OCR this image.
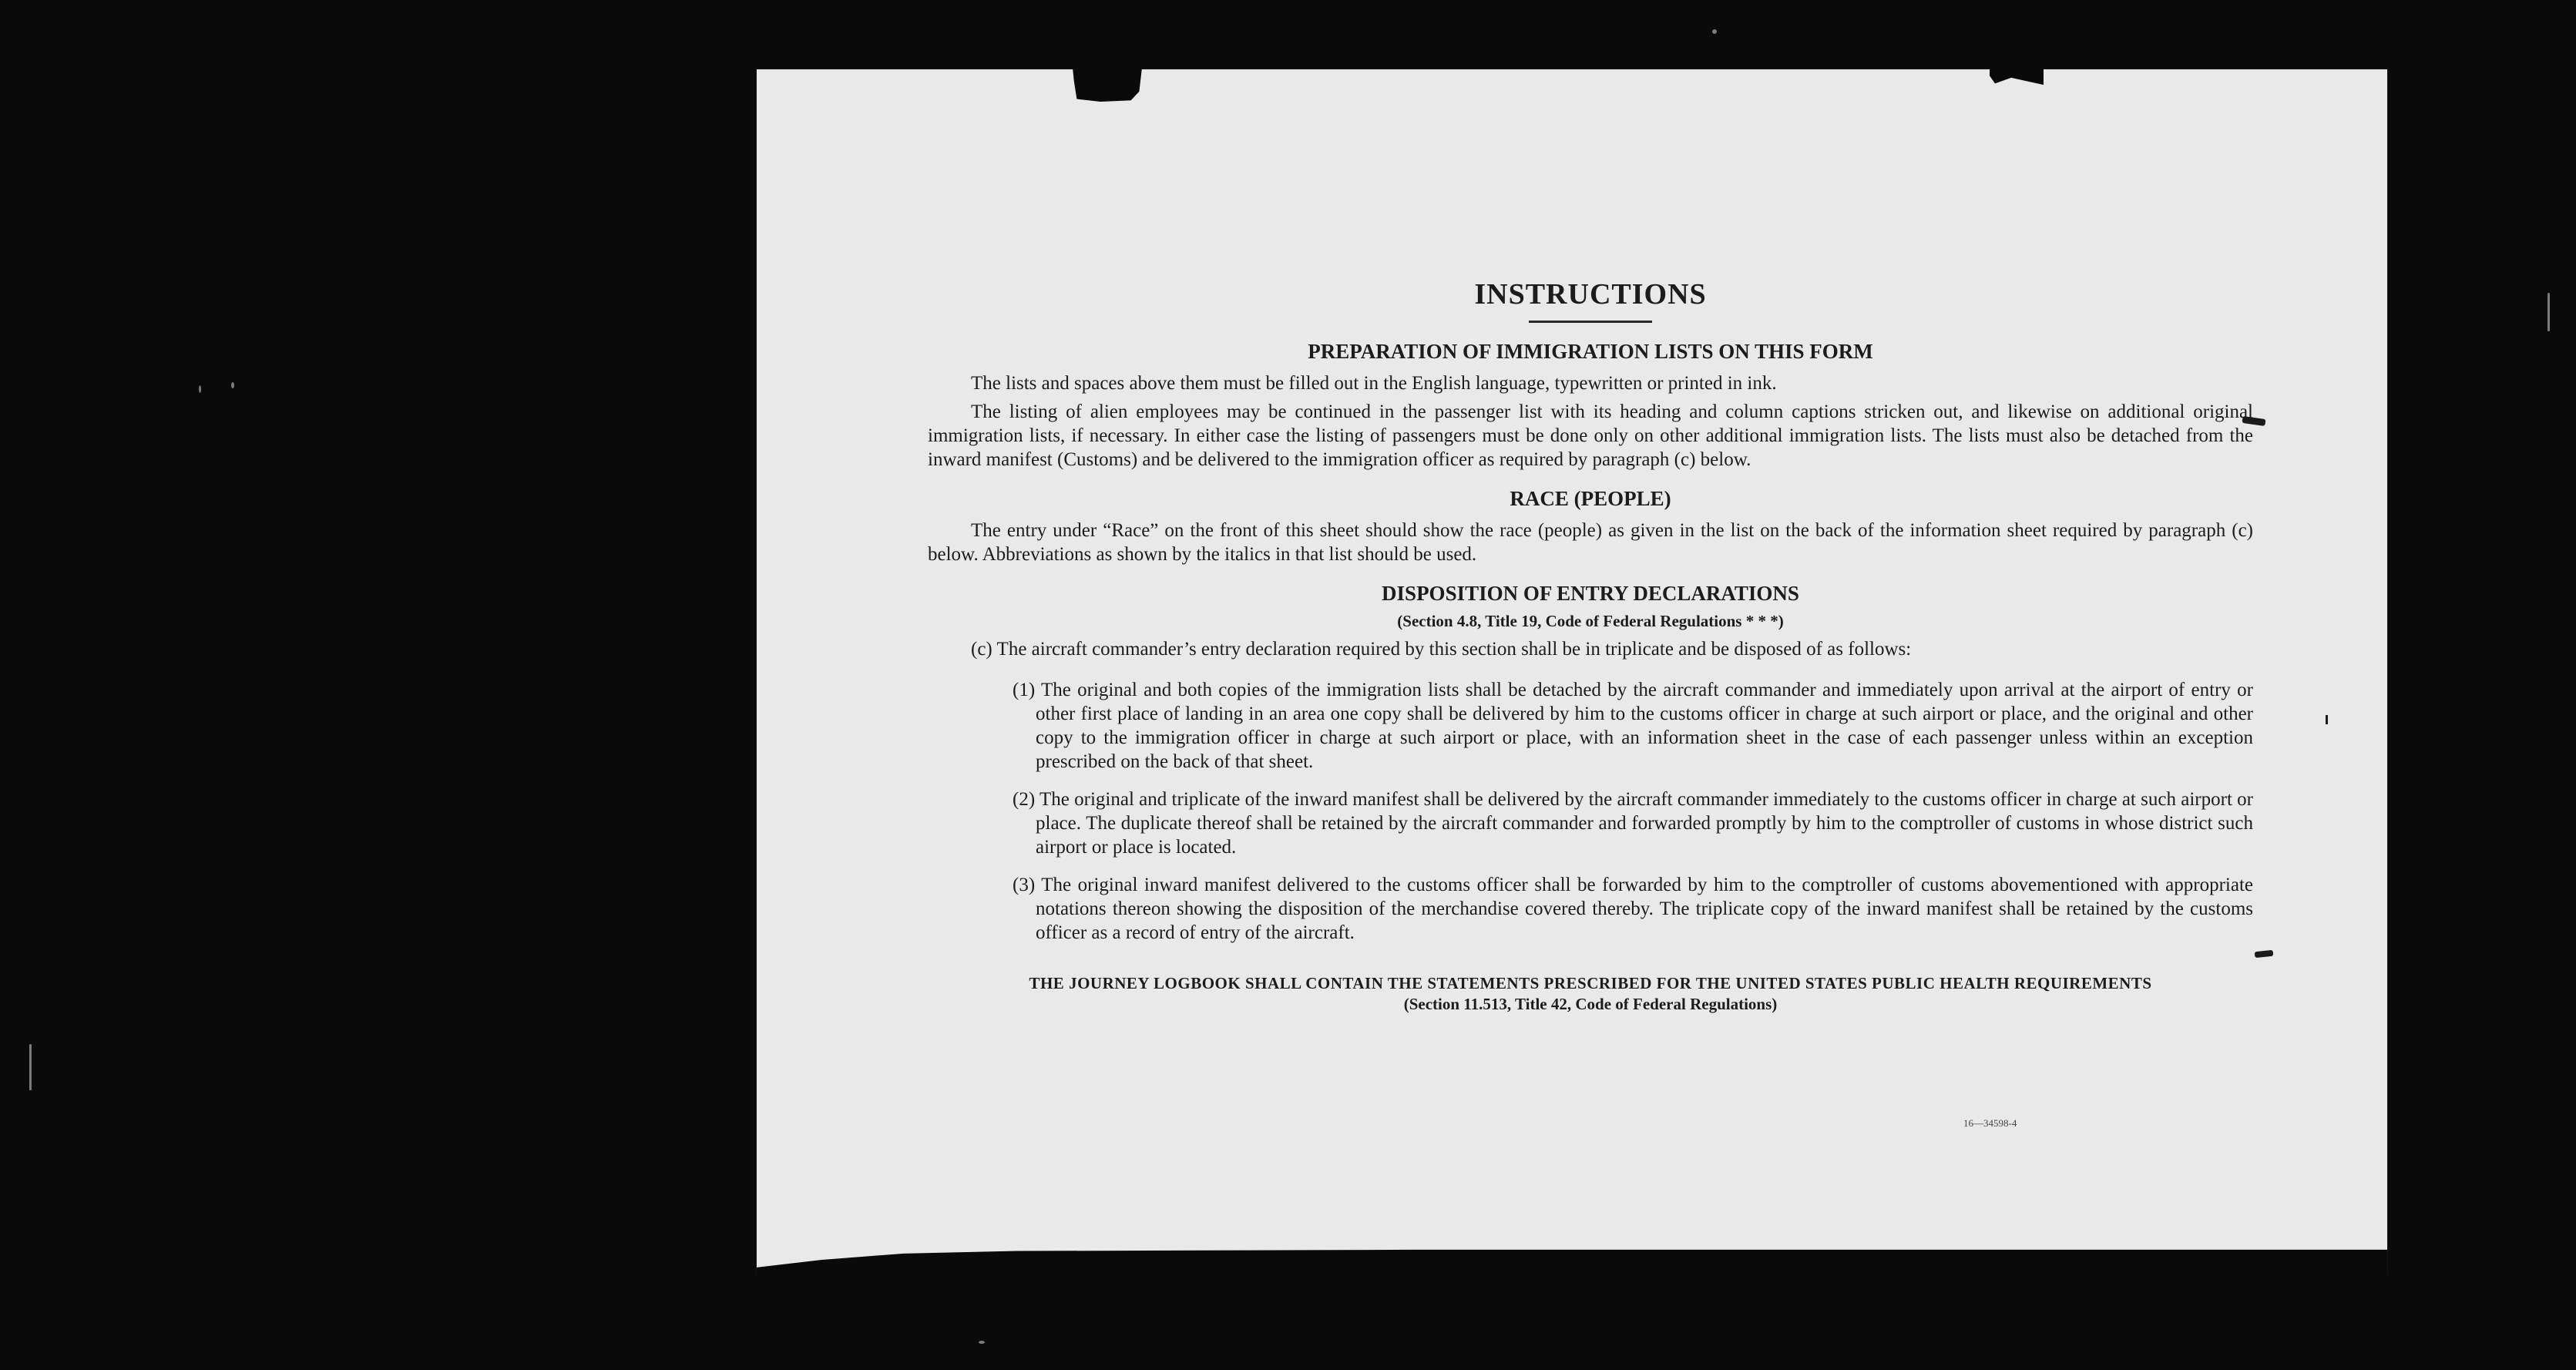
INSTRUCTIONS
PREPARATION OF IMMIGRATION LISTS ON THIS FORM

The lists and spaces above them must be filled out in the English language, typewritten or printed in ink.

The listing of alien employees may be continued in the passenger list with its heading and column captions stricken out, and likewise on additional original immigration lists, if necessary. In either case the listing of passengers must be done only on other additional immigration lists. The lists must also be detached from the inward manifest (Customs) and be delivered to the immigration officer as required by paragraph (c) below.

RACE (PEOPLE)

The entry under “Race” on the front of this sheet should show the race (people) as given in the list on the back of the information sheet required by paragraph (c) below. Abbreviations as shown by the italics in that list should be used.

DISPOSITION OF ENTRY DECLARATIONS
(Section 4.8, Title 19, Code of Federal Regulations * * *)

(c) The aircraft commander’s entry declaration required by this section shall be in triplicate and be disposed of as follows:

(1) The original and both copies of the immigration lists shall be detached by the aircraft commander and immediately upon arrival at the airport of entry or other first place of landing in an area one copy shall be delivered by him to the customs officer in charge at such airport or place, and the original and other copy to the immigration officer in charge at such airport or place, with an information sheet in the case of each passenger unless within an exception prescribed on the back of that sheet.

(2) The original and triplicate of the inward manifest shall be delivered by the aircraft commander immediately to the customs officer in charge at such airport or place. The duplicate thereof shall be retained by the aircraft commander and forwarded promptly by him to the comptroller of customs in whose district such airport or place is located.

(3) The original inward manifest delivered to the customs officer shall be forwarded by him to the comptroller of customs abovementioned with appropriate notations thereon showing the disposition of the merchandise covered thereby. The triplicate copy of the inward manifest shall be retained by the customs officer as a record of entry of the aircraft.

THE JOURNEY LOGBOOK SHALL CONTAIN THE STATEMENTS PRESCRIBED FOR THE UNITED STATES PUBLIC HEALTH REQUIREMENTS
(Section 11.513, Title 42, Code of Federal Regulations)
16—34598-4
